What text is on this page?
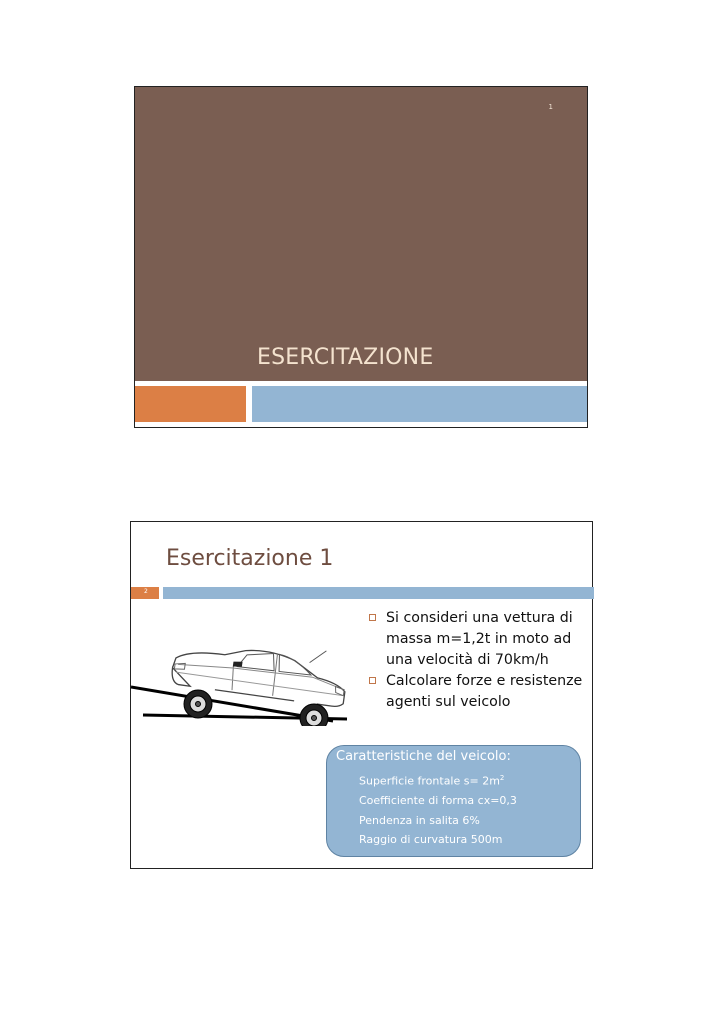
1
ESERCITAZIONE
Esercitazione 1
2
Si consideri una vettura di massa m=1,2t in moto ad una velocità di 70km/h
Calcolare forze e resistenze agenti sul veicolo
Caratteristiche del veicolo:
Superficie frontale $s= 2m^2$
Coefficiente di forma cx=0,3
Pendenza in salita 6%
Raggio di curvatura 500m
